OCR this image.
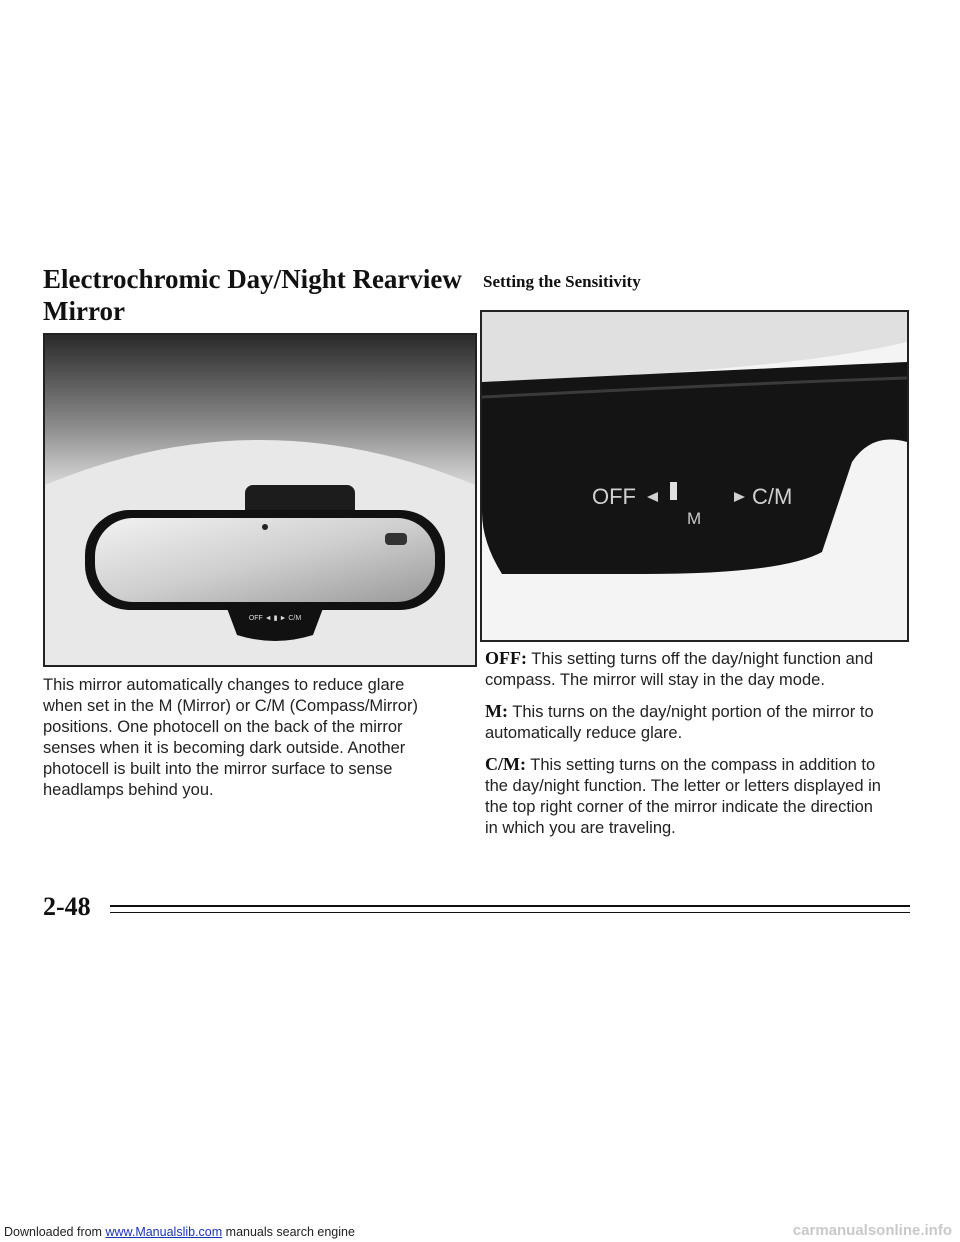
Electrochromic Day/Night Rearview Mirror
OFF ◄ ▮ ► C/M
This mirror automatically changes to reduce glare
when set in the M (Mirror) or C/M (Compass/Mirror)
positions. One photocell on the back of the mirror
senses when it is becoming dark outside. Another
photocell is built into the mirror surface to sense
headlamps behind you.
Setting the Sensitivity
OFF
M
C/M
OFF: This setting turns off the day/night function and
compass. The mirror will stay in the day mode.
M: This turns on the day/night portion of the mirror to
automatically reduce glare.
C/M: This setting turns on the compass in addition to
the day/night function. The letter or letters displayed in
the top right corner of the mirror indicate the direction
in which you are traveling.
2-48
Downloaded from www.Manualslib.com manuals search engine	carmanualsonline.info
